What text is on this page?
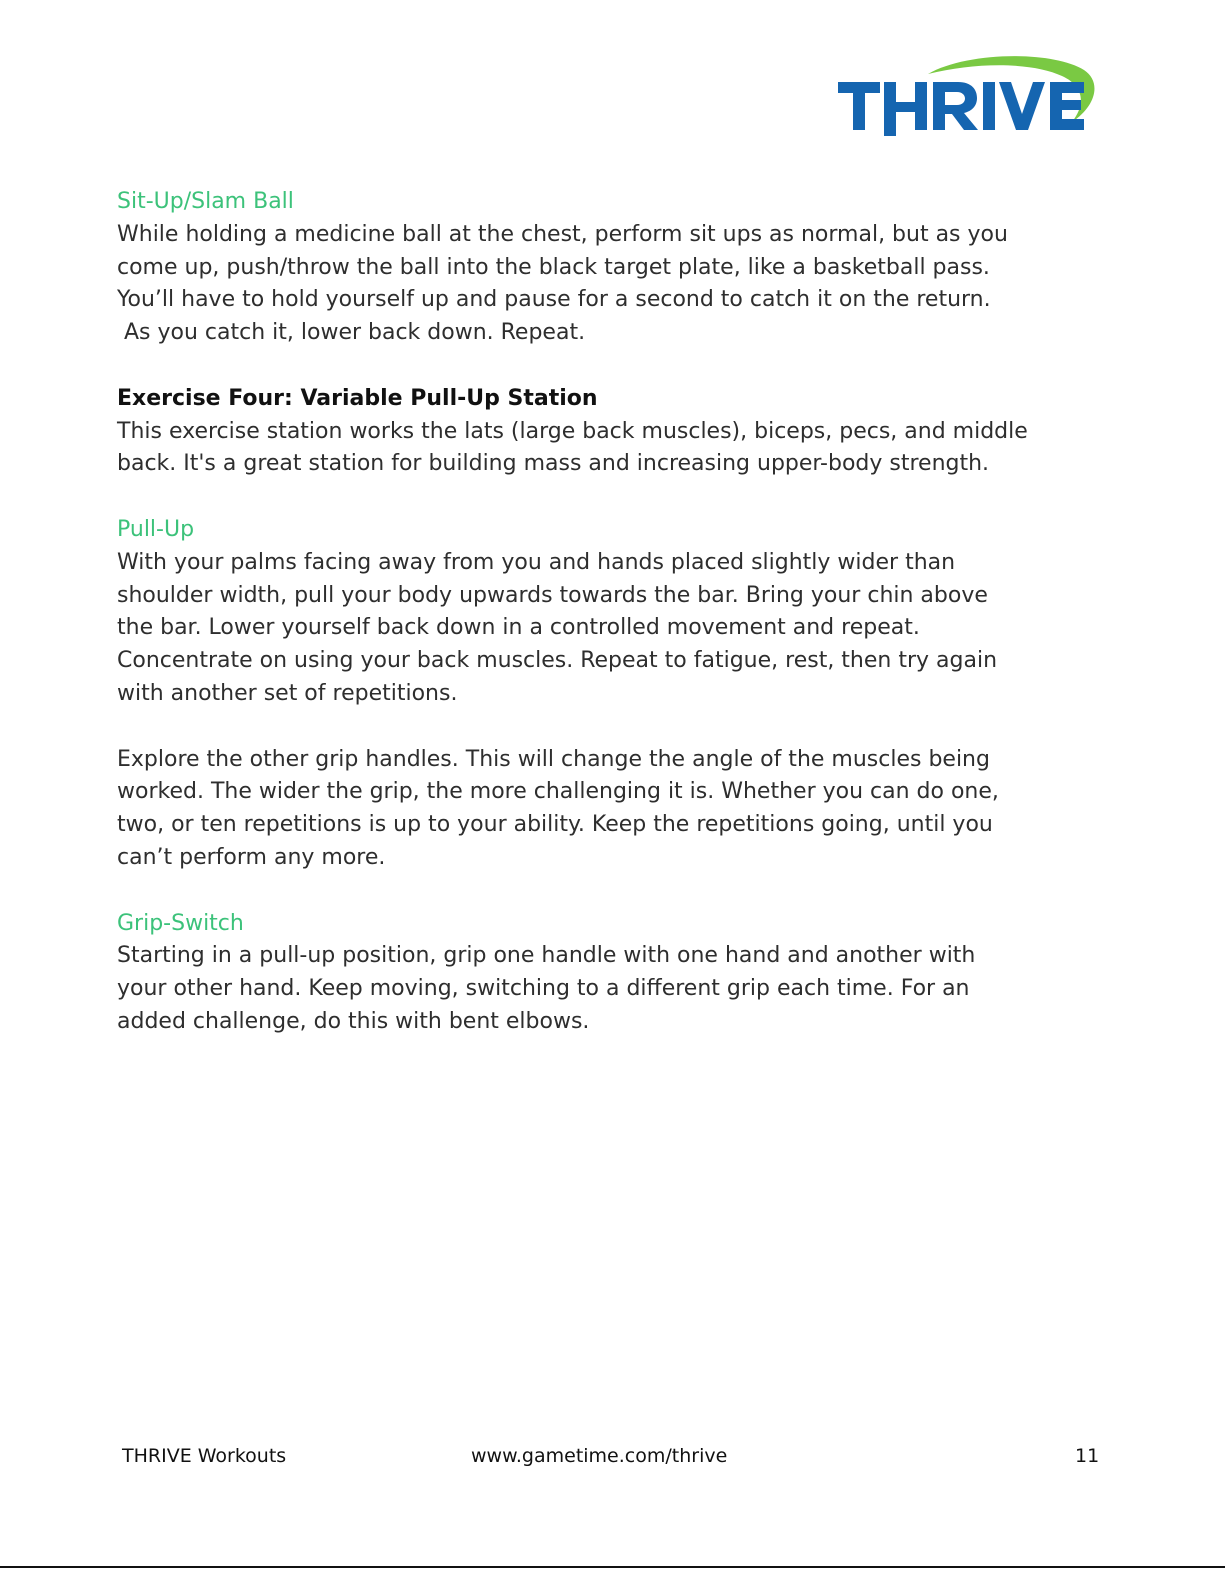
Sit-Up/Slam Ball

While holding a medicine ball at the chest, perform sit ups as normal, but as you
come up, push/throw the ball into the black target plate, like a basketball pass.
You’ll have to hold yourself up and pause for a second to catch it on the return.
As you catch it, lower back down. Repeat.

Exercise Four: Variable Pull-Up Station

This exercise station works the lats (large back muscles), biceps, pecs, and middle
back. It's a great station for building mass and increasing upper-body strength.

Pull-Up

With your palms facing away from you and hands placed slightly wider than
shoulder width, pull your body upwards towards the bar. Bring your chin above
the bar. Lower yourself back down in a controlled movement and repeat.
Concentrate on using your back muscles. Repeat to fatigue, rest, then try again
with another set of repetitions.

Explore the other grip handles. This will change the angle of the muscles being
worked. The wider the grip, the more challenging it is. Whether you can do one,
two, or ten repetitions is up to your ability. Keep the repetitions going, until you
can’t perform any more.

Grip-Switch

Starting in a pull-up position, grip one handle with one hand and another with
your other hand. Keep moving, switching to a different grip each time. For an
added challenge, do this with bent elbows.

THRIVE Workouts	www.gametime.com/thrive	11
